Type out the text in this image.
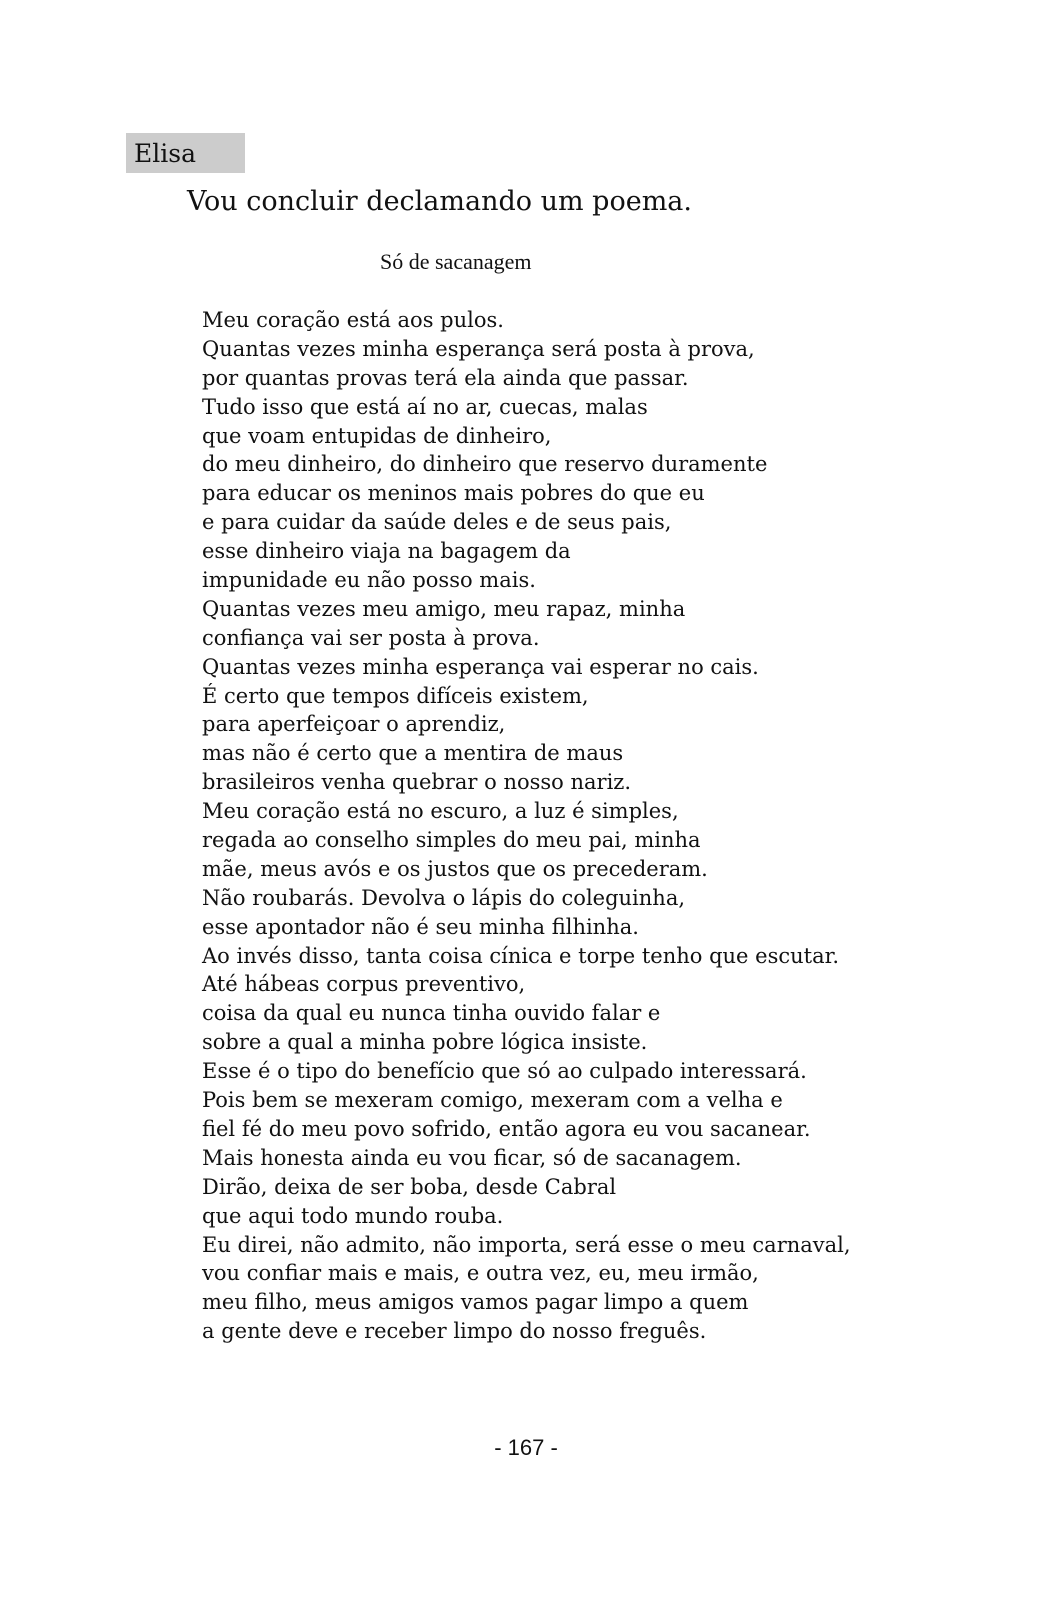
Elisa
Vou concluir declamando um poema.
Só de sacanagem
Meu coração está aos pulos.
Quantas vezes minha esperança será posta à prova,
por quantas provas terá ela ainda que passar.
Tudo isso que está aí no ar, cuecas, malas
que voam entupidas de dinheiro,
do meu dinheiro, do dinheiro que reservo duramente
para educar os meninos mais pobres do que eu
e para cuidar da saúde deles e de seus pais,
esse dinheiro viaja na bagagem da
impunidade eu não posso mais.
Quantas vezes meu amigo, meu rapaz, minha
confiança vai ser posta à prova.
Quantas vezes minha esperança vai esperar no cais.
É certo que tempos difíceis existem,
para aperfeiçoar o aprendiz,
mas não é certo que a mentira de maus
brasileiros venha quebrar o nosso nariz.
Meu coração está no escuro, a luz é simples,
regada ao conselho simples do meu pai, minha
mãe, meus avós e os justos que os precederam.
Não roubarás. Devolva o lápis do coleguinha,
esse apontador não é seu minha filhinha.
Ao invés disso, tanta coisa cínica e torpe tenho que escutar.
Até hábeas corpus preventivo,
coisa da qual eu nunca tinha ouvido falar e
sobre a qual a minha pobre lógica insiste.
Esse é o tipo do benefício que só ao culpado interessará.
Pois bem se mexeram comigo, mexeram com a velha e
fiel fé do meu povo sofrido, então agora eu vou sacanear.
Mais honesta ainda eu vou ficar, só de sacanagem.
Dirão, deixa de ser boba, desde Cabral
que aqui todo mundo rouba.
Eu direi, não admito, não importa, será esse o meu carnaval,
vou confiar mais e mais, e outra vez, eu, meu irmão,
meu filho, meus amigos vamos pagar limpo a quem
a gente deve e receber limpo do nosso freguês.
- 167 -
